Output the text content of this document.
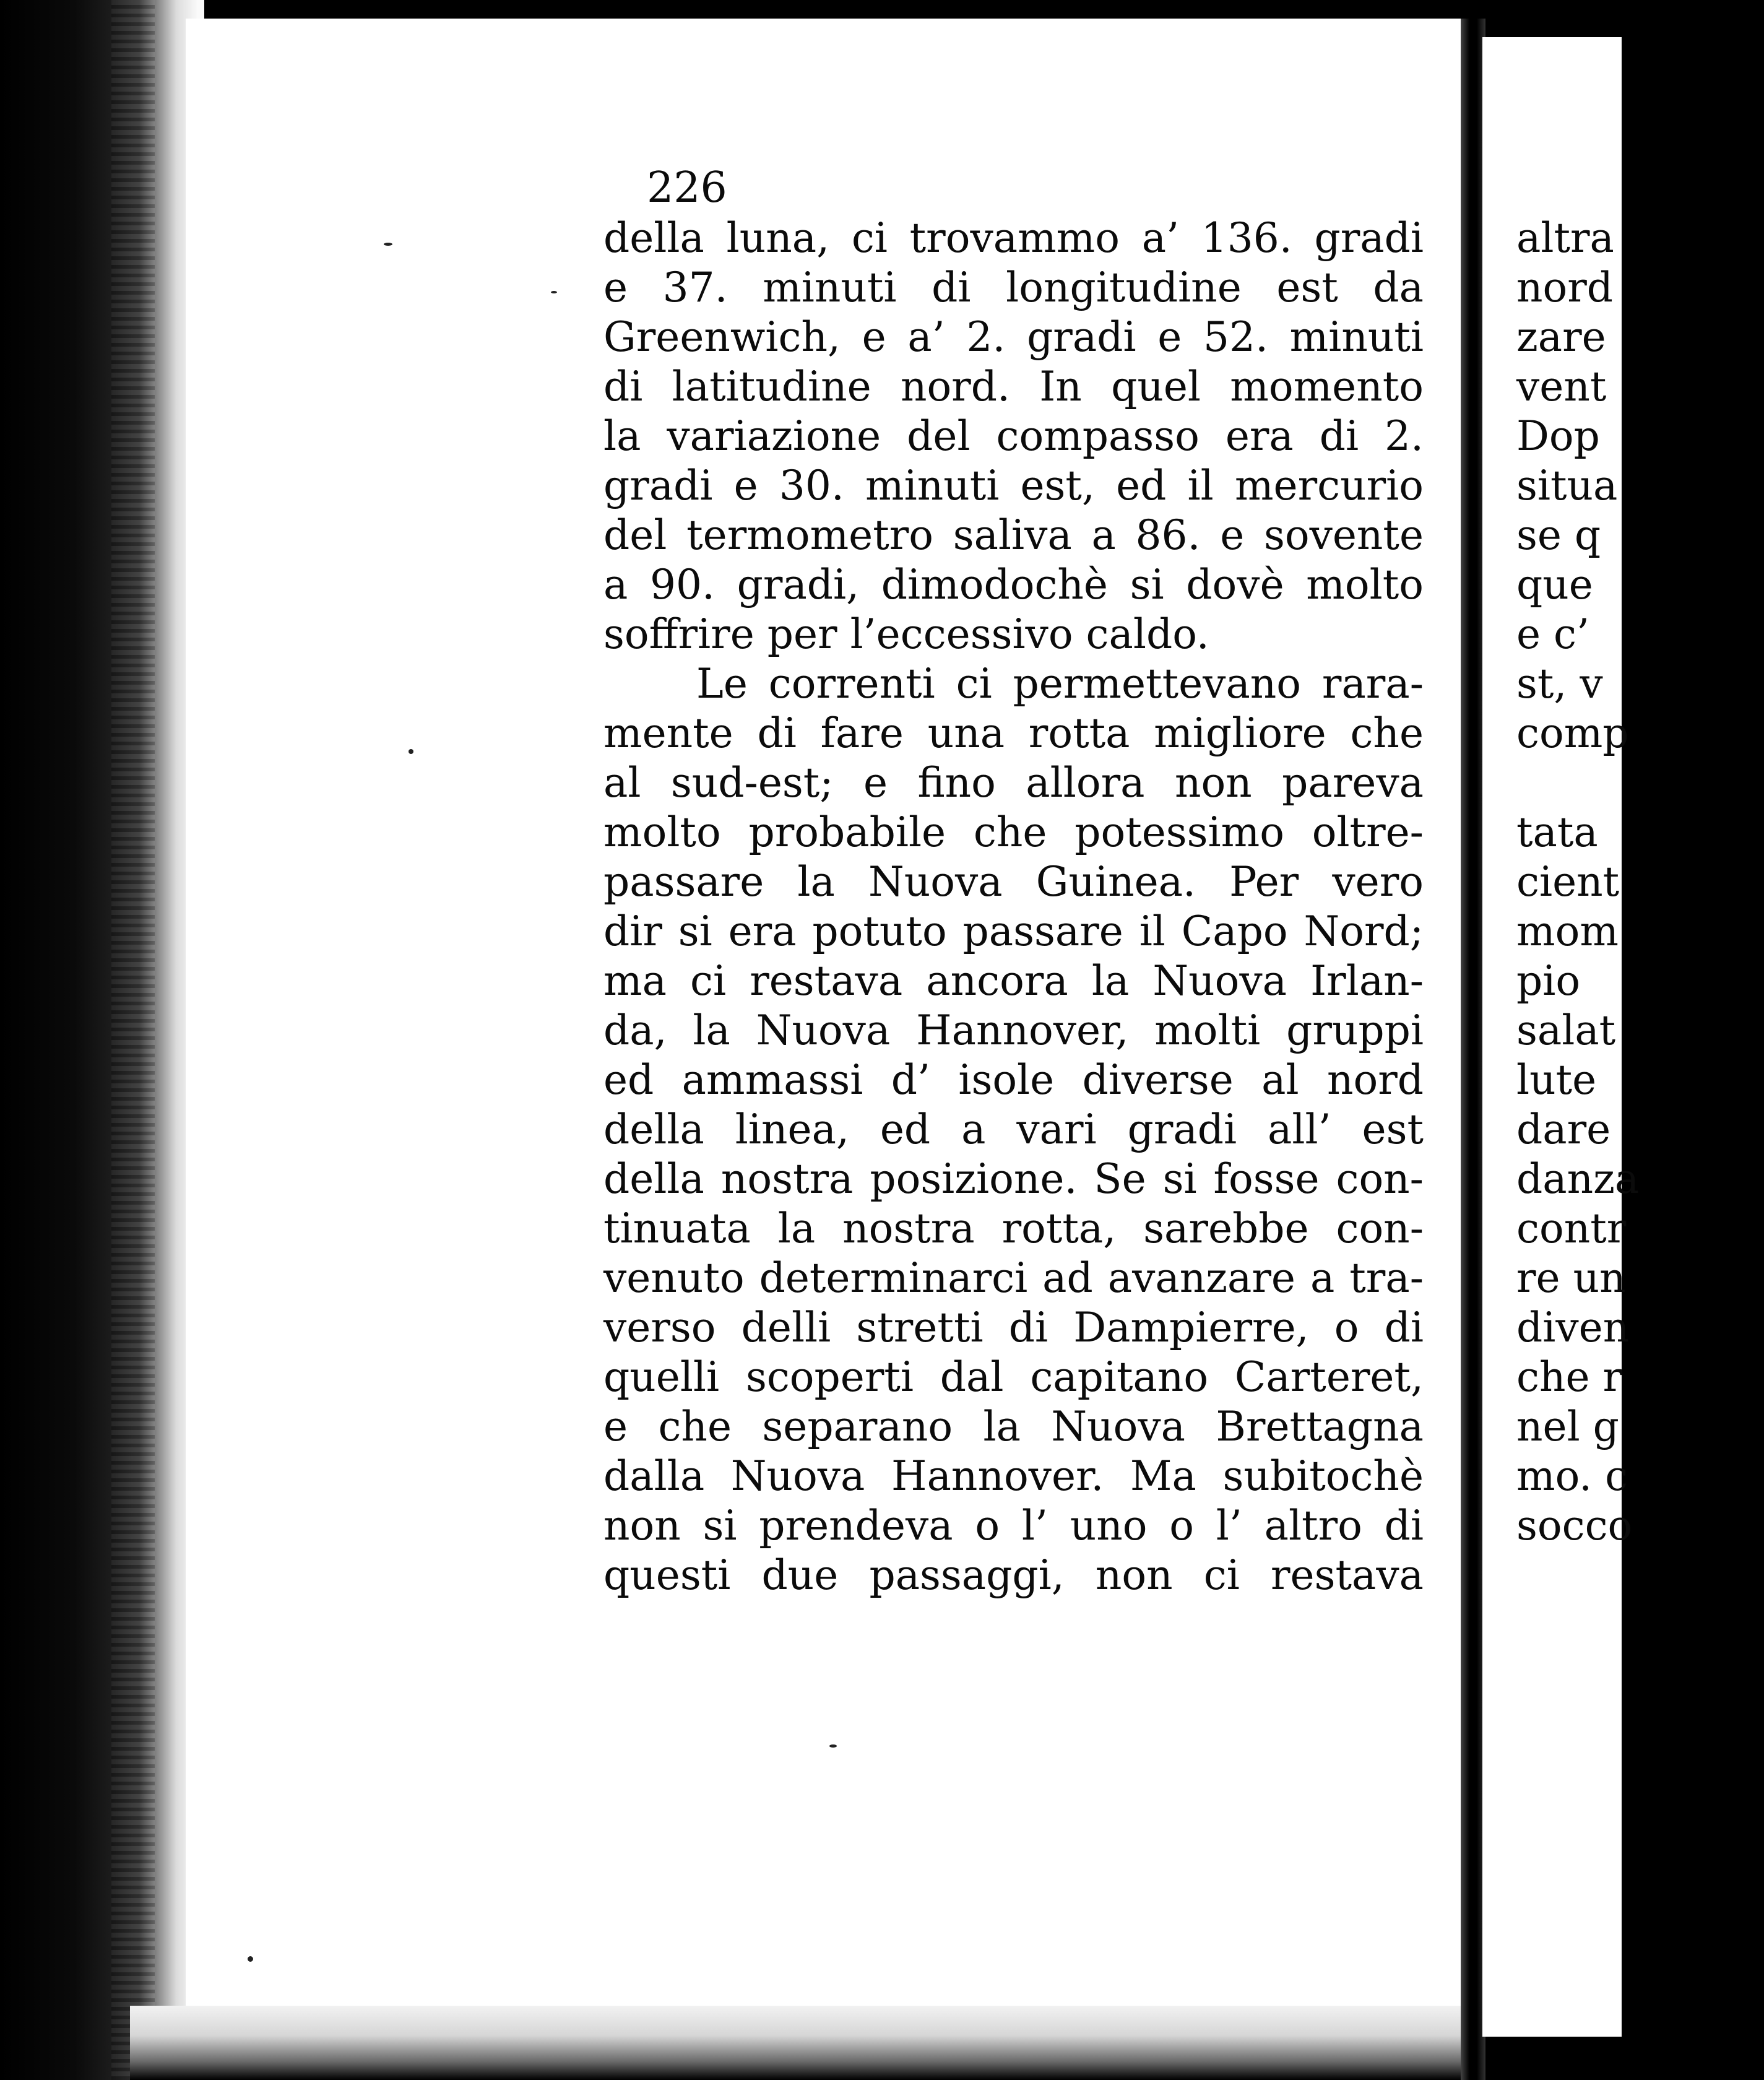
226
della luna, ci trovammo a’ 136. gradi
e 37. minuti di longitudine est da
Greenwich, e a’ 2. gradi e 52. minuti
di latitudine nord. In quel momento
la variazione del compasso era di 2.
gradi e 30. minuti est, ed il mercurio
del termometro saliva a 86. e sovente
a 90. gradi, dimodochè si dovè molto
soffrire per l’eccessivo caldo.
Le correnti ci permettevano rara-
mente di fare una rotta migliore che
al sud-est; e fino allora non pareva
molto probabile che potessimo oltre-
passare la Nuova Guinea. Per vero
dir si era potuto passare il Capo Nord;
ma ci restava ancora la Nuova Irlan-
da, la Nuova Hannover, molti gruppi
ed ammassi d’ isole diverse al nord
della linea, ed a vari gradi all’ est
della nostra posizione. Se si fosse con-
tinuata la nostra rotta, sarebbe con-
venuto determinarci ad avanzare a tra-
verso delli stretti di Dampierre, o di
quelli scoperti dal capitano Carteret,
e che separano la Nuova Brettagna
dalla Nuova Hannover. Ma subitochè
non si prendeva o l’ uno o l’ altro di
questi due passaggi, non ci restava
altra
nord
zare
vent
Dop
situa
se q
que
e c’
st, v
comp
tata
cient
mom
pio
salat
lute
dare
danza
contr
re un
diven
che r
nel g
mo. c
socco
